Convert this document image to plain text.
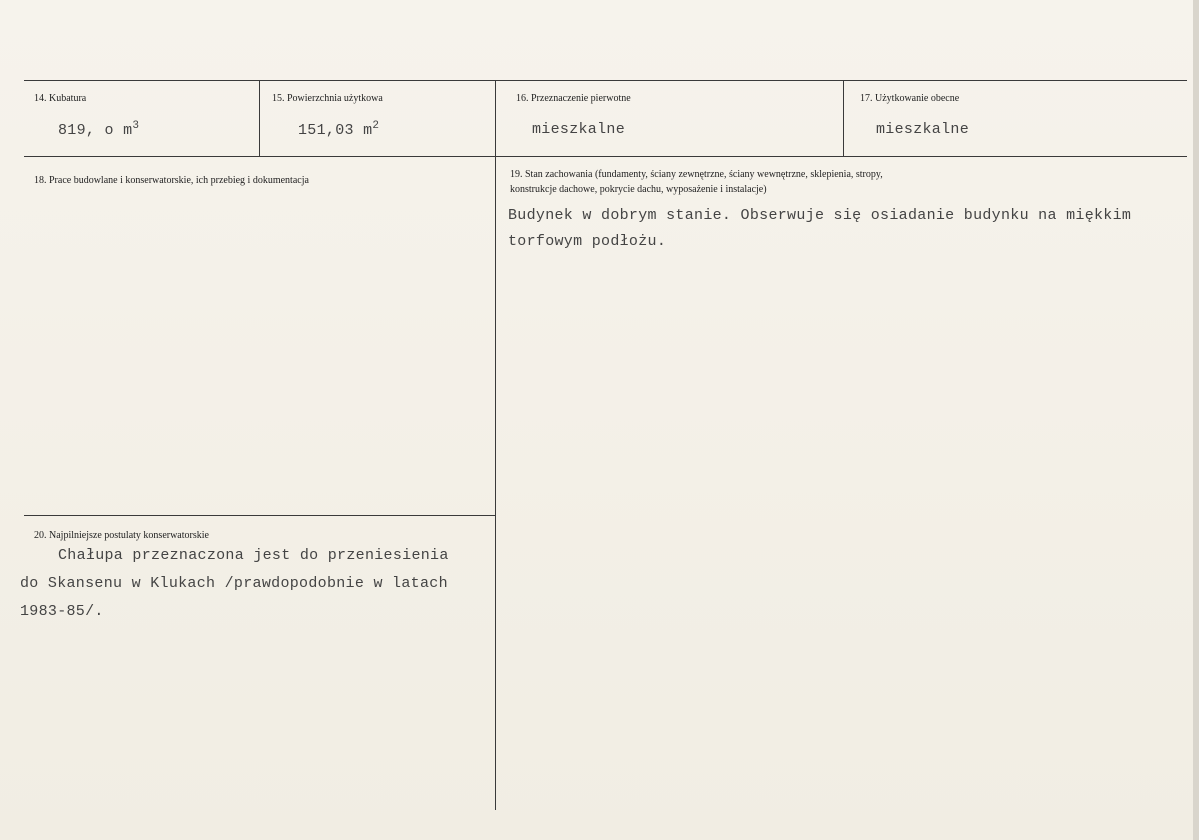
14. Kubatura
819, o $m^3$
15. Powierzchnia użytkowa
151,03 $m^2$
16. Przeznaczenie pierwotne
mieszkalne
17. Użytkowanie obecne
mieszkalne
18. Prace budowlane i konserwatorskie, ich przebieg i dokumentacja
19. Stan zachowania (fundamenty, ściany zewnętrzne, ściany wewnętrzne, sklepienia, stropy,
konstrukcje dachowe, pokrycie dachu, wyposażenie i instalacje)
Budynek w dobrym stanie. Obserwuje się osiadanie budynku na miękkim
torfowym podłożu.
20. Najpilniejsze postulaty konserwatorskie
Chałupa przeznaczona jest do przeniesienia
do Skansenu w Klukach /prawdopodobnie w latach
1983-85/.
